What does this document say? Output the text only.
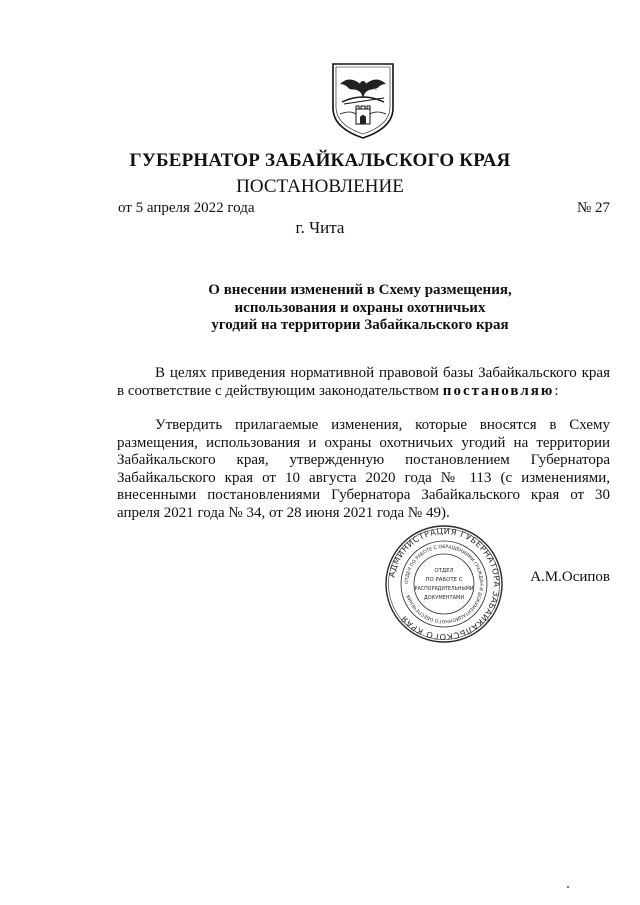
ГУБЕРНАТОР ЗАБАЙКАЛЬСКОГО КРАЯ
ПОСТАНОВЛЕНИЕ
от 5 апреля 2022 года	№ 27
г. Чита
О внесении изменений в Схему размещения,
использования и охраны охотничьих
угодий на территории Забайкальского края
В целях приведения нормативной правовой базы Забайкальского края в соответствие с действующим законодательством постановляю:
Утвердить прилагаемые изменения, которые вносятся в Схему размещения, использования и охраны охотничьих угодий на территории Забайкальского края, утвержденную постановлением Губернатора Забайкальского края от 10 августа 2020 года № 113 (с изменениями, внесенными постановлениями Губернатора Забайкальского края от 30 апреля 2021 года № 34, от 28 июня 2021 года № 49).
АДМИНИСТРАЦИЯ ГУБЕРНАТОРА ЗАБАЙКАЛЬСКОГО КРАЯ
ОТДЕЛ ПО РАБОТЕ С ОБРАЩЕНИЯМИ ГРАЖДАН И ДОКУМЕНТАЦИОННОГО ОБЕСПЕЧЕНИЯ
ОТДЕЛ
ПО РАБОТЕ С
РАСПОРЯДИТЕЛЬНЫМИ
ДОКУМЕНТАМИ
А.М.Осипов
